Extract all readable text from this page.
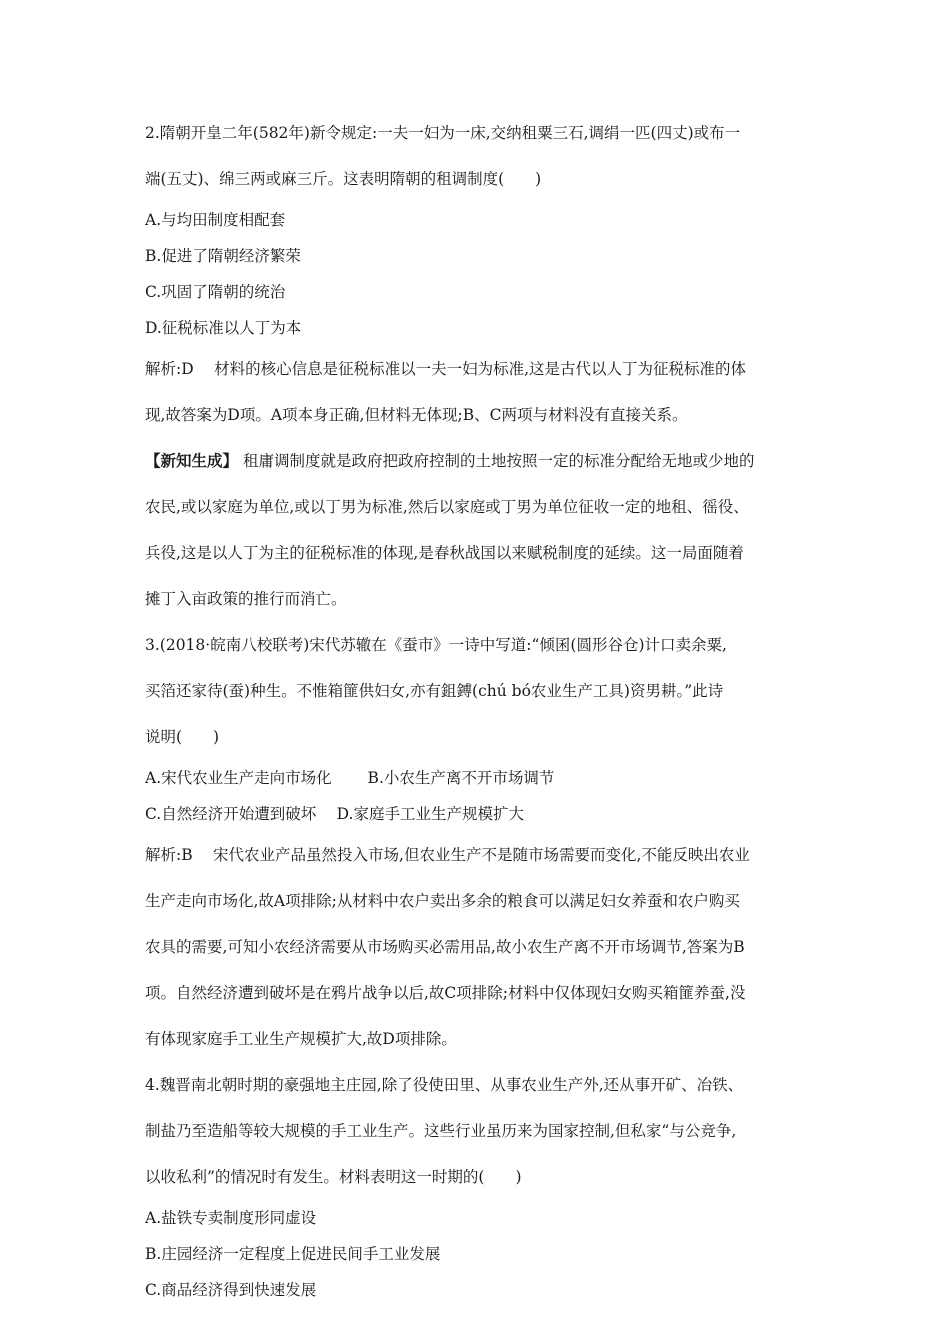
2.隋朝开皇二年(582年)新令规定:一夫一妇为一床,交纳租粟三石,调绢一匹(四丈)或布一
端(五丈)、绵三两或麻三斤。这表明隋朝的租调制度(　　)
A.与均田制度相配套
B.促进了隋朝经济繁荣
C.巩固了隋朝的统治
D.征税标准以人丁为本
解析:D　 材料的核心信息是征税标准以一夫一妇为标准,这是古代以人丁为征税标准的体
现,故答案为D项。A项本身正确,但材料无体现;B、C两项与材料没有直接关系。
【新知生成】 租庸调制度就是政府把政府控制的土地按照一定的标准分配给无地或少地的
农民,或以家庭为单位,或以丁男为标准,然后以家庭或丁男为单位征收一定的地租、徭役、
兵役,这是以人丁为主的征税标准的体现,是春秋战国以来赋税制度的延续。这一局面随着
摊丁入亩政策的推行而消亡。
3.(2018·皖南八校联考)宋代苏辙在《蚕市》一诗中写道:“倾囷(圆形谷仓)计口卖余粟,
买箔还家待(蚕)种生。不惟箱篚供妇女,亦有鉏鎛(chú bó农业生产工具)资男耕。”此诗
说明(　　)
A.宋代农业生产走向市场化　　 B.小农生产离不开市场调节
C.自然经济开始遭到破坏　 D.家庭手工业生产规模扩大
解析:B　 宋代农业产品虽然投入市场,但农业生产不是随市场需要而变化,不能反映出农业
生产走向市场化,故A项排除;从材料中农户卖出多余的粮食可以满足妇女养蚕和农户购买
农具的需要,可知小农经济需要从市场购买必需用品,故小农生产离不开市场调节,答案为B
项。自然经济遭到破坏是在鸦片战争以后,故C项排除;材料中仅体现妇女购买箱篚养蚕,没
有体现家庭手工业生产规模扩大,故D项排除。
4.魏晋南北朝时期的豪强地主庄园,除了役使田里、从事农业生产外,还从事开矿、冶铁、
制盐乃至造船等较大规模的手工业生产。这些行业虽历来为国家控制,但私家“与公竞争,
以收私利”的情况时有发生。材料表明这一时期的(　　)
A.盐铁专卖制度形同虚设
B.庄园经济一定程度上促进民间手工业发展
C.商品经济得到快速发展
